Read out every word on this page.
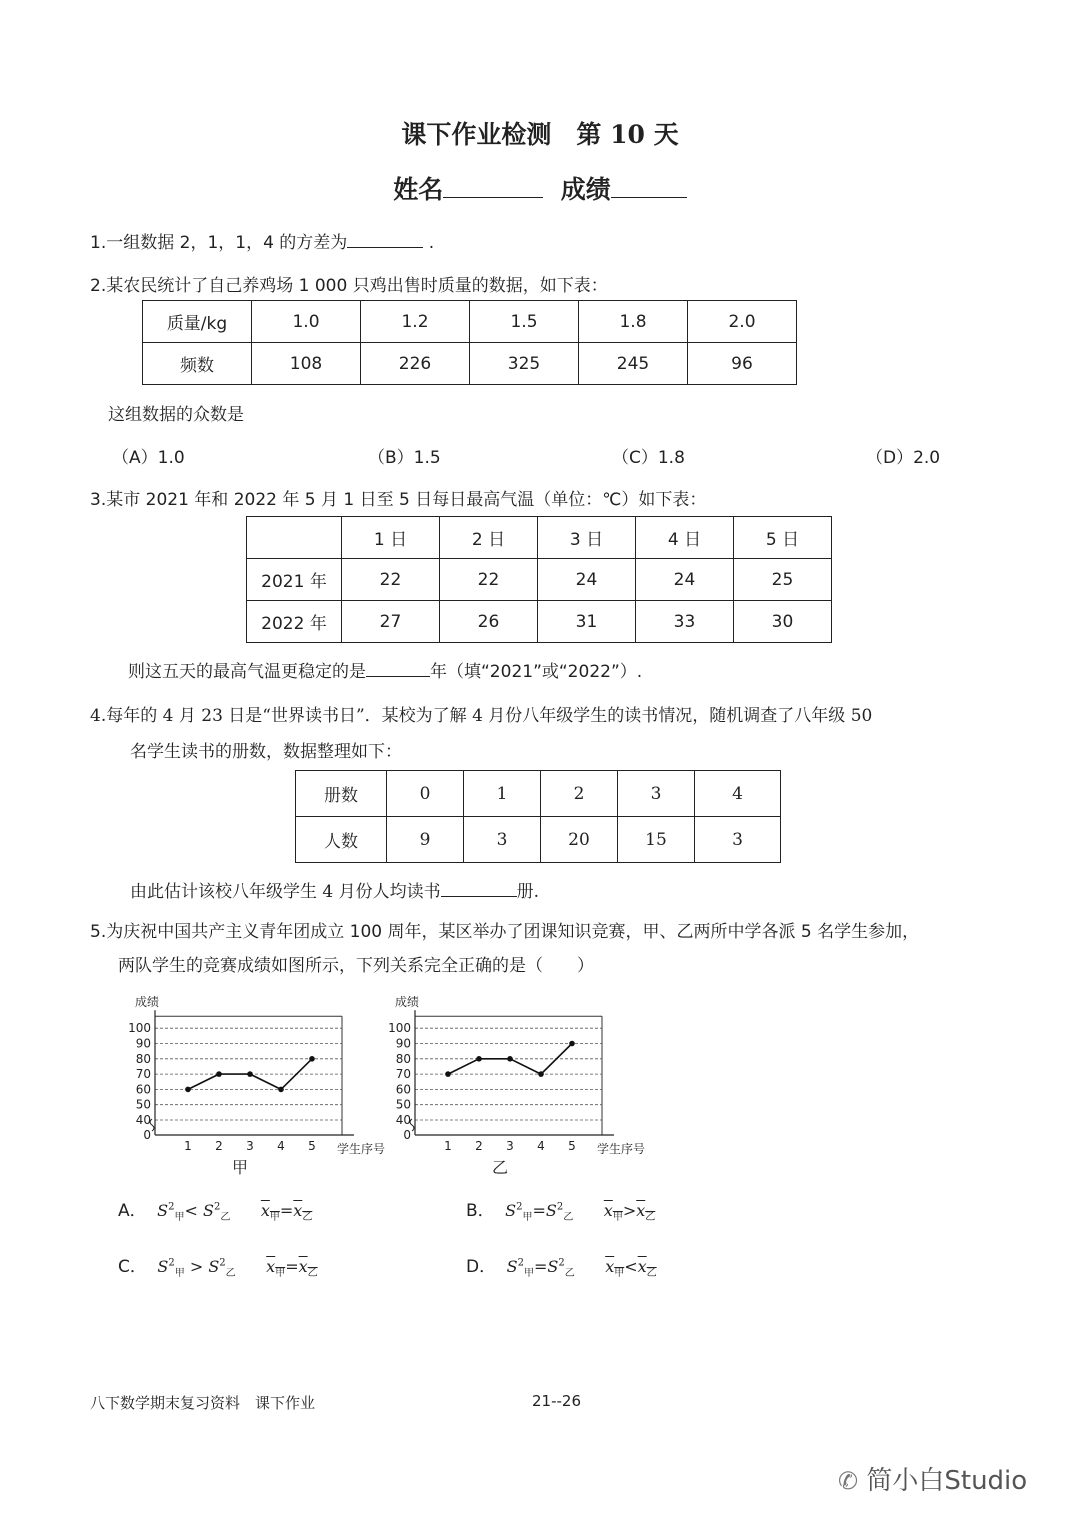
课下作业检测　第 10 天
姓名	成绩
1.一组数据 2，1，1，4 的方差为	.
2.某农民统计了自己养鸡场 1 000 只鸡出售时质量的数据，如下表：
质量/kg	1.0	1.2	1.5	1.8	2.0
频数	108	226	325	245	96
这组数据的众数是
（A）1.0	（B）1.5	（C）1.8	（D）2.0
3.某市 2021 年和 2022 年 5 月 1 日至 5 日每日最高气温（单位：℃）如下表：
	1 日	2 日	3 日	4 日	5 日
2021 年	22	22	24	24	25
2022 年	27	26	31	33	30
则这五天的最高气温更稳定的是	年（填“2021”或“2022”）.
4.每年的 4 月 23 日是“世界读书日”．某校为了解 4 月份八年级学生的读书情况，随机调查了八年级 50
名学生读书的册数，数据整理如下：
册数	0	1	2	3	4
人数	9	3	20	15	3
由此估计该校八年级学生 4 月份人均读书	册.
5.为庆祝中国共产主义青年团成立 100 周年，某区举办了团课知识竞赛，甲、乙两所中学各派 5 名学生参加，
两队学生的竞赛成绩如图所示，下列关系完全正确的是（　　）
0
40
50
60
70
80
90
100
1 2 3 4 5
成绩
学生序号
甲
0
40
50
60
70
80
90
100
1 2 3 4 5
成绩
学生序号
乙
A． $S^2_甲< S^2_乙$ $x_甲=x_乙$	B． $S^2_甲=S^2_乙$ $x_甲>x_乙$
C． $S^2_甲 > S^2_乙$ $x_甲=x_乙$	D． $S^2_甲=S^2_乙$ $x_甲<x_乙$
八下数学期末复习资料　课下作业	21--26
✆ 简小白Studio
